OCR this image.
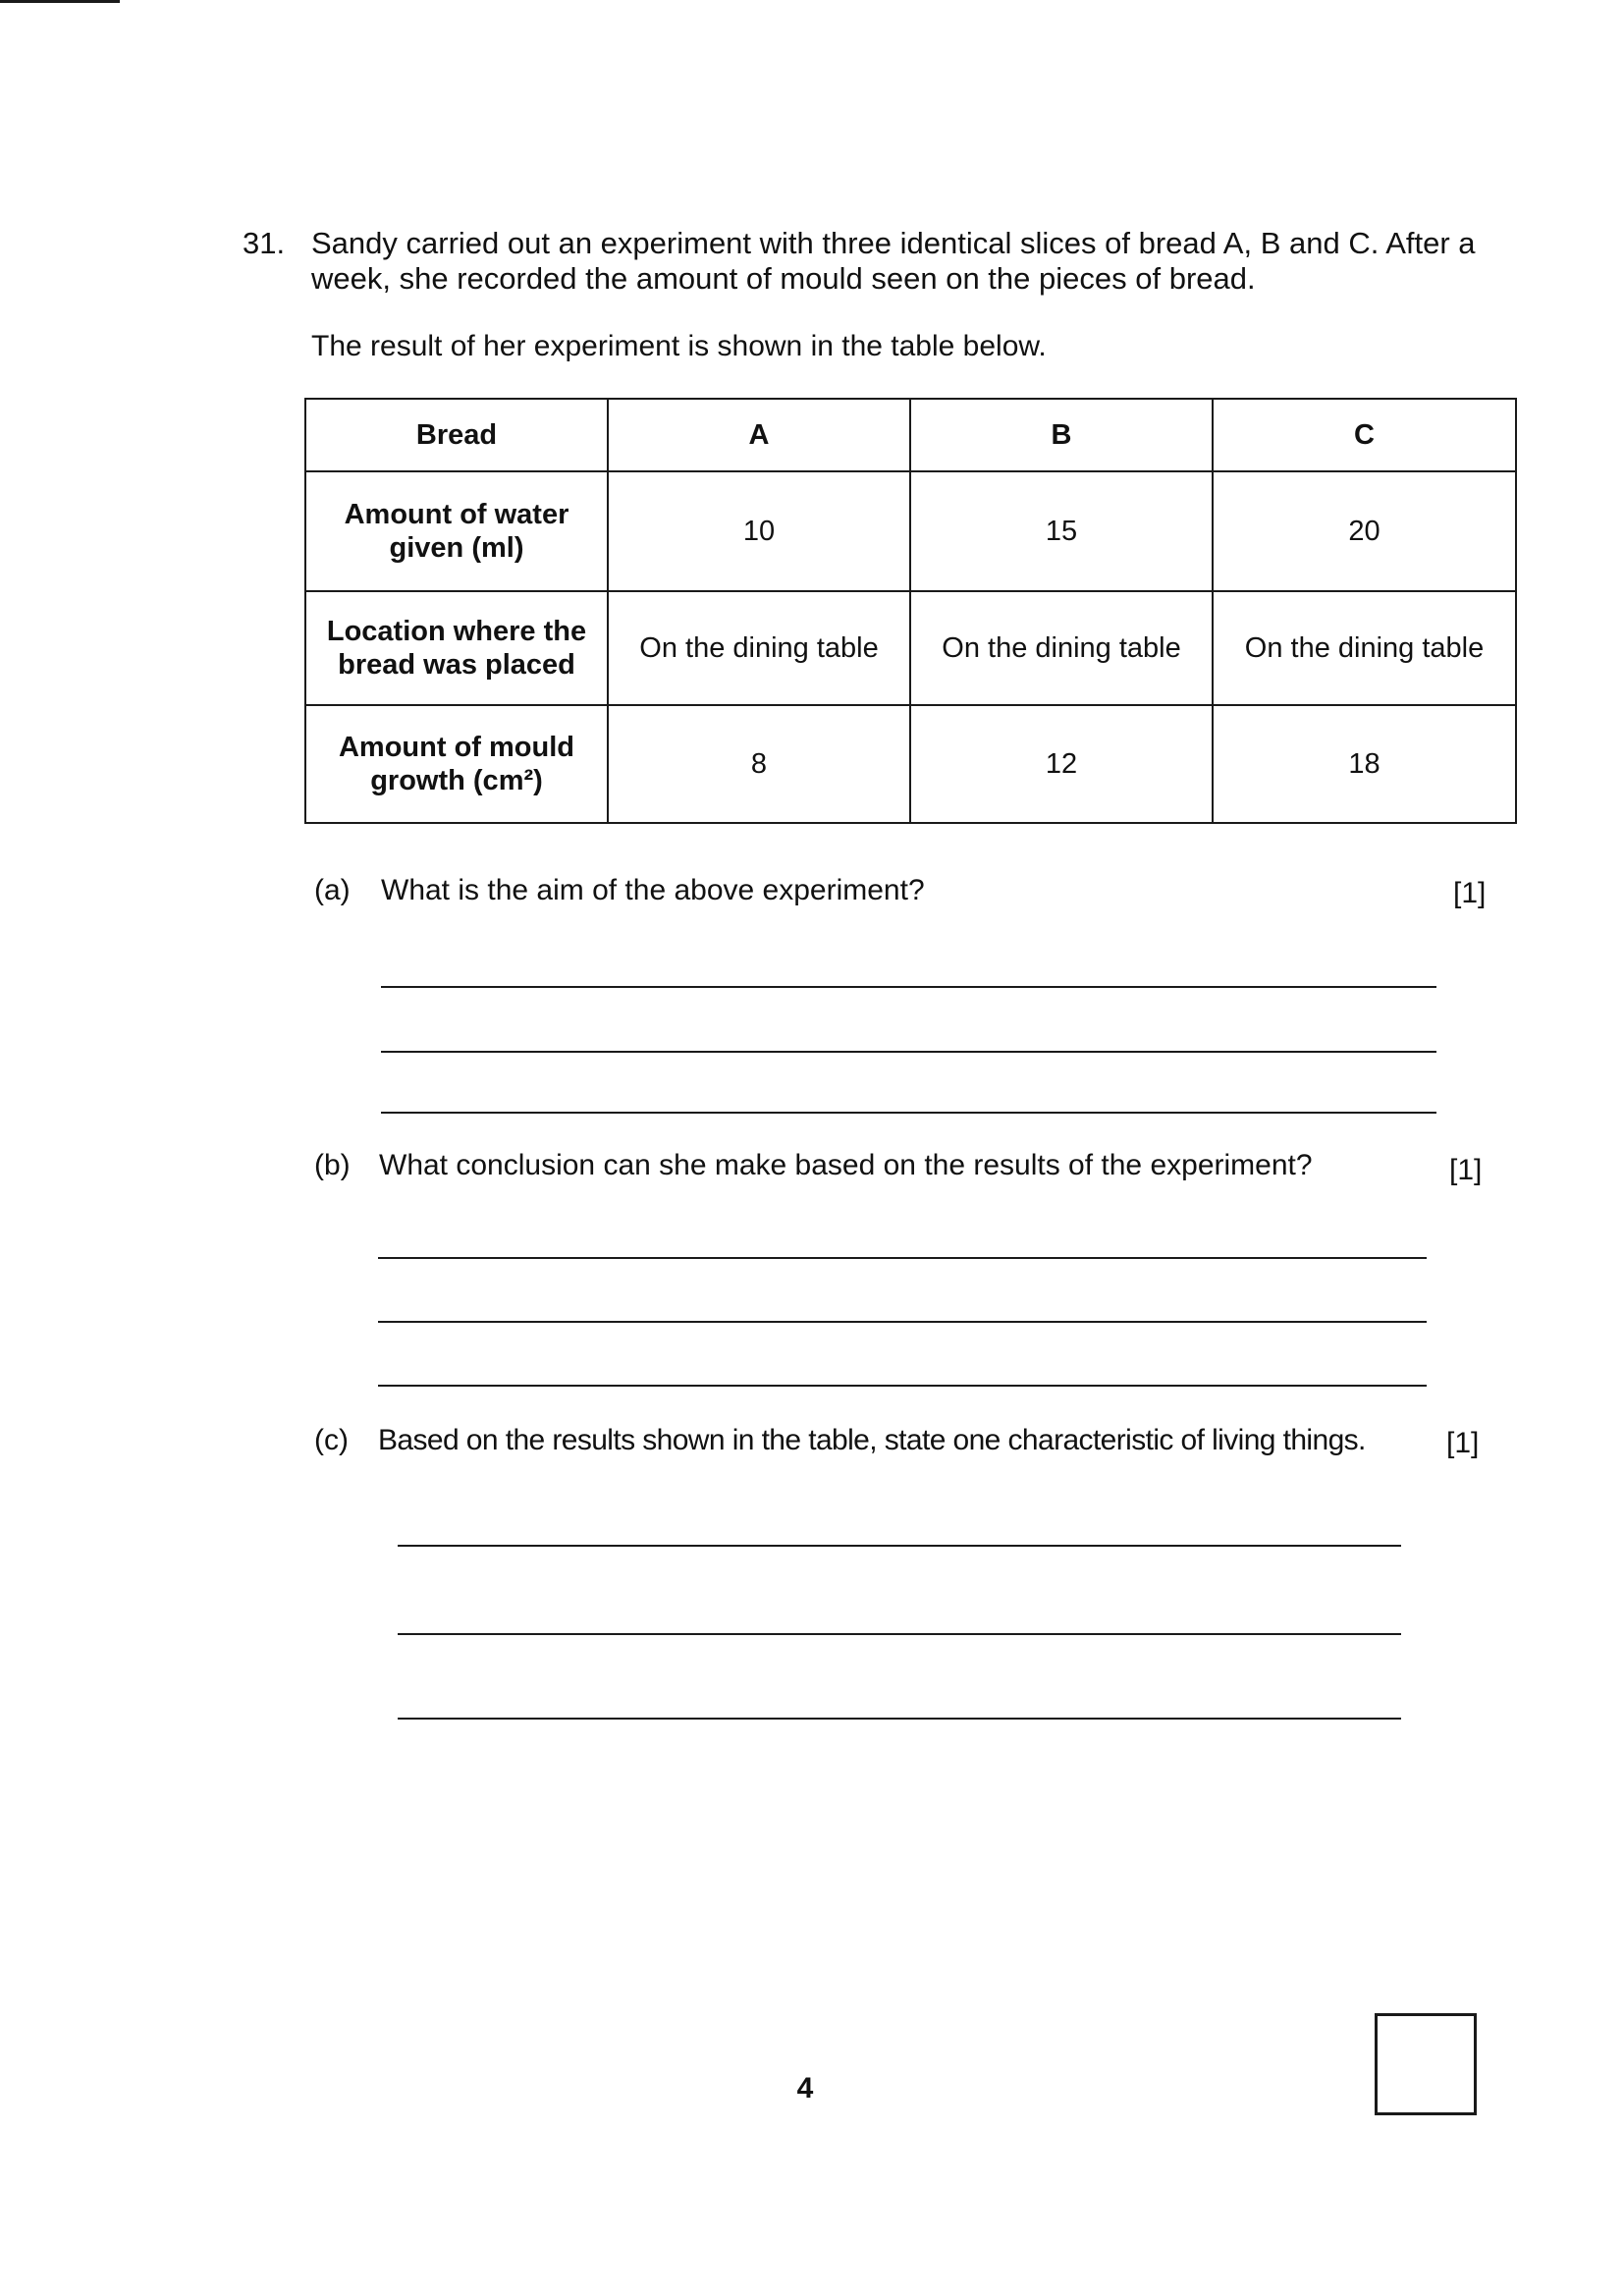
31. Sandy carried out an experiment with three identical slices of bread A, B and C. After a week, she recorded the amount of mould seen on the pieces of bread.
The result of her experiment is shown in the table below.
Bread	A	B	C
Amount of water given (ml)	10	15	20
Location where the bread was placed	On the dining table	On the dining table	On the dining table
Amount of mould growth (cm²)	8	12	18
(a) What is the aim of the above experiment?	[1]
(b) What conclusion can she make based on the results of the experiment?	[1]
(c) Based on the results shown in the table, state one characteristic of living things.	[1]
4
